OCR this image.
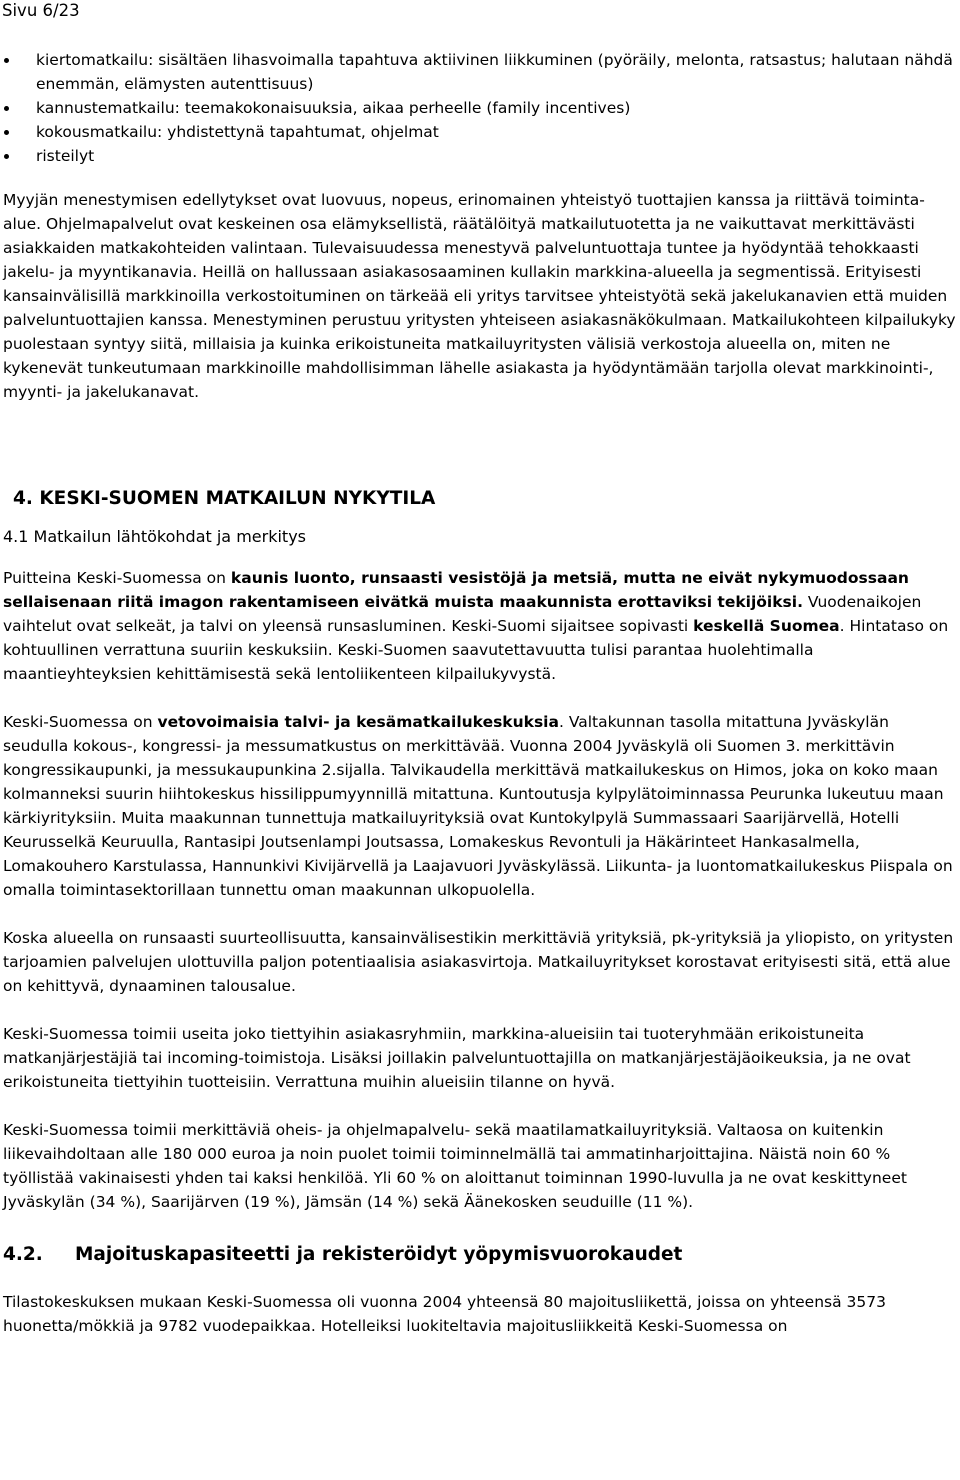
Sivu 6/23
kiertomatkailu: sisältäen lihasvoimalla tapahtuva aktiivinen liikkuminen (pyöräily, melonta, ratsastus; halutaan nähdä enemmän, elämysten autenttisuus)
kannustematkailu: teemakokonaisuuksia, aikaa perheelle (family incentives)
kokousmatkailu: yhdistettynä tapahtumat, ohjelmat
risteilyt

Myyjän menestymisen edellytykset ovat luovuus, nopeus, erinomainen yhteistyö tuottajien kanssa ja riittävä toiminta-alue. Ohjelmapalvelut ovat keskeinen osa elämyksellistä, räätälöityä matkailutuotetta ja ne vaikuttavat merkittävästi asiakkaiden matkakohteiden valintaan. Tulevaisuudessa menestyvä palveluntuottaja tuntee ja hyödyntää tehokkaasti jakelu- ja myyntikanavia. Heillä on hallussaan asiakasosaaminen kullakin markkina-alueella ja segmentissä. Erityisesti kansainvälisillä markkinoilla verkostoituminen on tärkeää eli yritys tarvitsee yhteistyötä sekä jakelukanavien että muiden palveluntuottajien kanssa. Menestyminen perustuu yritysten yhteiseen asiakasnäkökulmaan. Matkailukohteen kilpailukyky puolestaan syntyy siitä, millaisia ja kuinka erikoistuneita matkailuyritysten välisiä verkostoja alueella on, miten ne kykenevät tunkeutumaan markkinoille mahdollisimman lähelle asiakasta ja hyödyntämään tarjolla olevat markkinointi-, myynti- ja jakelukanavat.

4. KESKI-SUOMEN MATKAILUN NYKYTILA
4.1 Matkailun lähtökohdat ja merkitys

Puitteina Keski-Suomessa on kaunis luonto, runsaasti vesistöjä ja metsiä, mutta ne eivät nykymuodossaan sellaisenaan riitä imagon rakentamiseen eivätkä muista maakunnista erottaviksi tekijöiksi. Vuodenaikojen vaihtelut ovat selkeät, ja talvi on yleensä runsasluminen. Keski-Suomi sijaitsee sopivasti keskellä Suomea. Hintataso on kohtuullinen verrattuna suuriin keskuksiin. Keski-Suomen saavutettavuutta tulisi parantaa huolehtimalla maantieyhteyksien kehittämisestä sekä lentoliikenteen kilpailukyvystä.

Keski-Suomessa on vetovoimaisia talvi- ja kesämatkailukeskuksia. Valtakunnan tasolla mitattuna Jyväskylän seudulla kokous-, kongressi- ja messumatkustus on merkittävää. Vuonna 2004 Jyväskylä oli Suomen 3. merkittävin kongressikaupunki, ja messukaupunkina 2.sijalla. Talvikaudella merkittävä matkailukeskus on Himos, joka on koko maan kolmanneksi suurin hiihtokeskus hissilippumyynnillä mitattuna. Kuntoutusja kylpylätoiminnassa Peurunka lukeutuu maan kärkiyrityksiin. Muita maakunnan tunnettuja matkailuyrityksiä ovat Kuntokylpylä Summassaari Saarijärvellä, Hotelli Keurusselkä Keuruulla, Rantasipi Joutsenlampi Joutsassa, Lomakeskus Revontuli ja Häkärinteet Hankasalmella, Lomakouhero Karstulassa, Hannunkivi Kivijärvellä ja Laajavuori Jyväskylässä. Liikunta- ja luontomatkailukeskus Piispala on omalla toimintasektorillaan tunnettu oman maakunnan ulkopuolella.

Koska alueella on runsaasti suurteollisuutta, kansainvälisestikin merkittäviä yrityksiä, pk-yrityksiä ja yliopisto, on yritysten tarjoamien palvelujen ulottuvilla paljon potentiaalisia asiakasvirtoja. Matkailuyritykset korostavat erityisesti sitä, että alue on kehittyvä, dynaaminen talousalue.

Keski-Suomessa toimii useita joko tiettyihin asiakasryhmiin, markkina-alueisiin tai tuoteryhmään erikoistuneita matkanjärjestäjiä tai incoming-toimistoja. Lisäksi joillakin palveluntuottajilla on matkanjärjestäjäoikeuksia, ja ne ovat erikoistuneita tiettyihin tuotteisiin. Verrattuna muihin alueisiin tilanne on hyvä.

Keski-Suomessa toimii merkittäviä oheis- ja ohjelmapalvelu- sekä maatilamatkailuyrityksiä. Valtaosa on kuitenkin liikevaihdoltaan alle 180 000 euroa ja noin puolet toimii toiminnelmällä tai ammatinharjoittajina. Näistä noin 60 % työllistää vakinaisesti yhden tai kaksi henkilöä. Yli 60 % on aloittanut toiminnan 1990-luvulla ja ne ovat keskittyneet Jyväskylän (34 %), Saarijärven (19 %), Jämsän (14 %) sekä Äänekosken seuduille (11 %).

4.2. Majoituskapasiteetti ja rekisteröidyt yöpymisvuorokaudet

Tilastokeskuksen mukaan Keski-Suomessa oli vuonna 2004 yhteensä 80 majoitusliikettä, joissa on yhteensä 3573 huonetta/mökkiä ja 9782 vuodepaikkaa. Hotelleiksi luokiteltavia majoitusliikkeitä Keski-Suomessa on
